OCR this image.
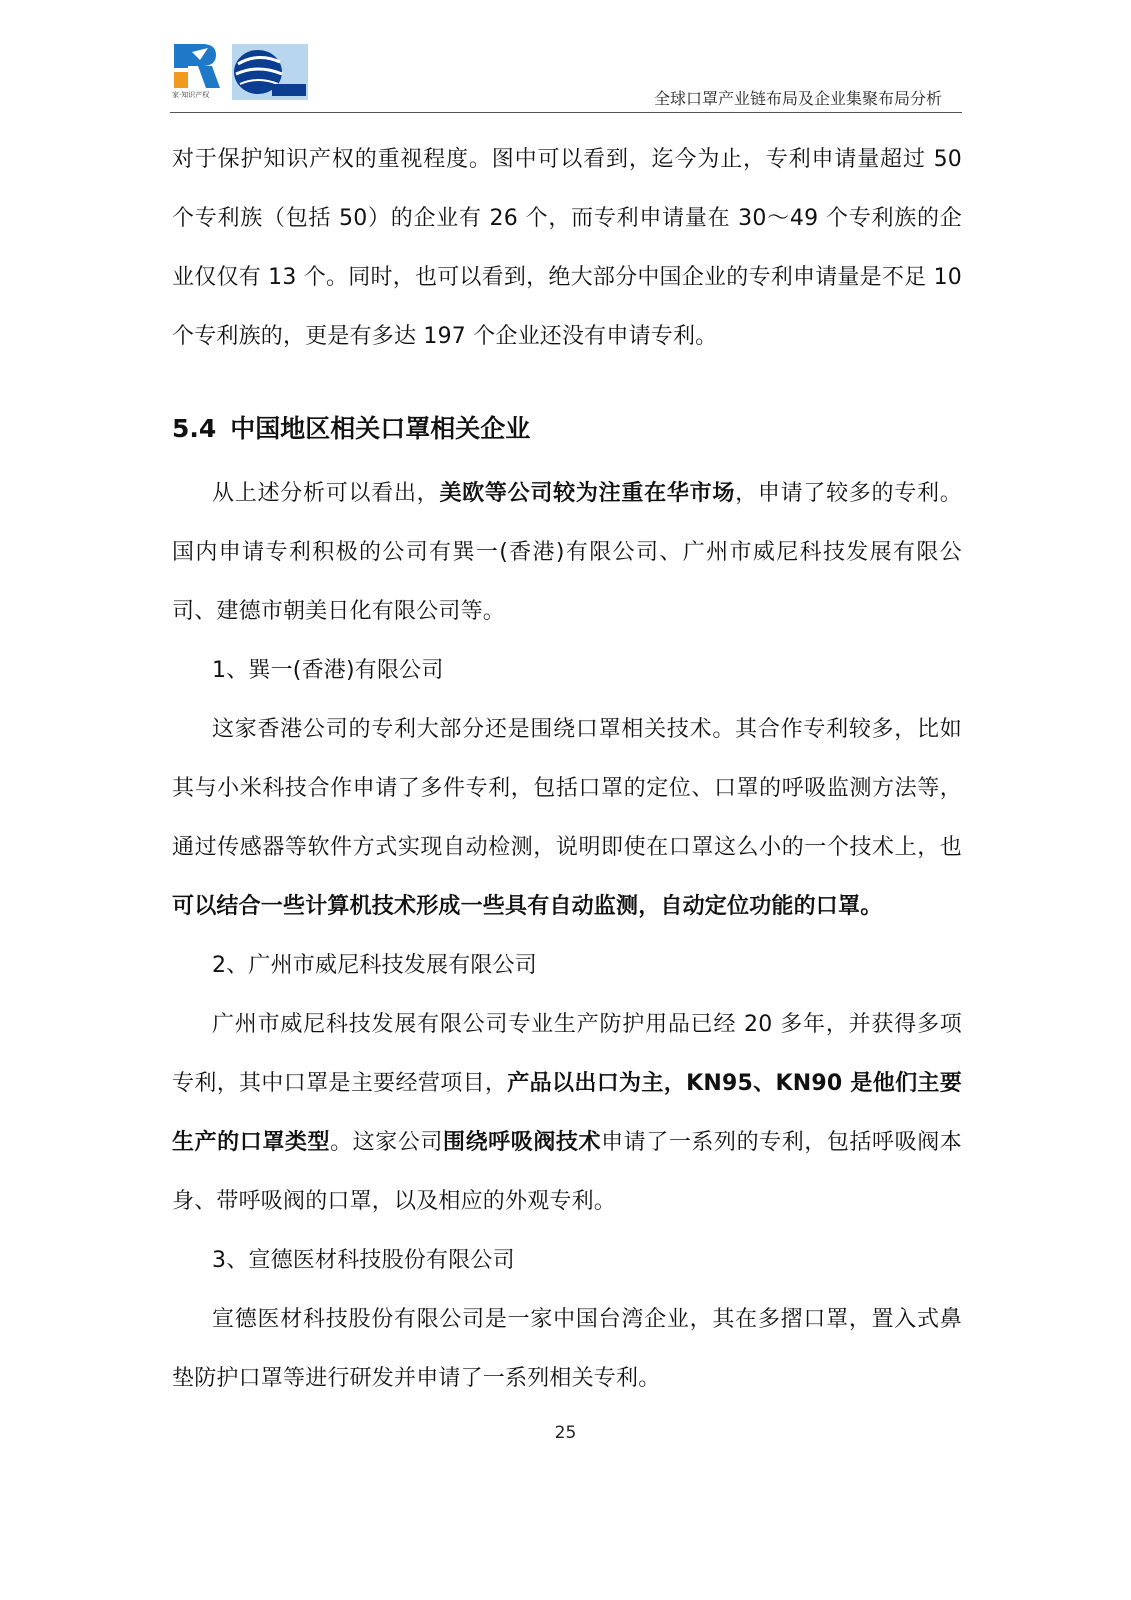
家·知识产权	全球口罩产业链布局及企业集聚布局分析

对于保护知识产权的重视程度。图中可以看到，迄今为止，专利申请量超过 50 个专利族（包括 50）的企业有 26 个，而专利申请量在 30～49 个专利族的企业仅仅有 13 个。同时，也可以看到，绝大部分中国企业的专利申请量是不足 10 个专利族的，更是有多达 197 个企业还没有申请专利。

5.4 中国地区相关口罩相关企业

从上述分析可以看出，美欧等公司较为注重在华市场，申请了较多的专利。国内申请专利积极的公司有巽一(香港)有限公司、广州市威尼科技发展有限公司、建德市朝美日化有限公司等。

1、巽一(香港)有限公司

这家香港公司的专利大部分还是围绕口罩相关技术。其合作专利较多，比如其与小米科技合作申请了多件专利，包括口罩的定位、口罩的呼吸监测方法等，通过传感器等软件方式实现自动检测，说明即使在口罩这么小的一个技术上，也可以结合一些计算机技术形成一些具有自动监测，自动定位功能的口罩。

2、广州市威尼科技发展有限公司

广州市威尼科技发展有限公司专业生产防护用品已经 20 多年，并获得多项专利，其中口罩是主要经营项目，产品以出口为主，KN95、KN90 是他们主要生产的口罩类型。这家公司围绕呼吸阀技术申请了一系列的专利，包括呼吸阀本身、带呼吸阀的口罩，以及相应的外观专利。

3、宣德医材科技股份有限公司

宣德医材科技股份有限公司是一家中国台湾企业，其在多摺口罩，置入式鼻垫防护口罩等进行研发并申请了一系列相关专利。

25
